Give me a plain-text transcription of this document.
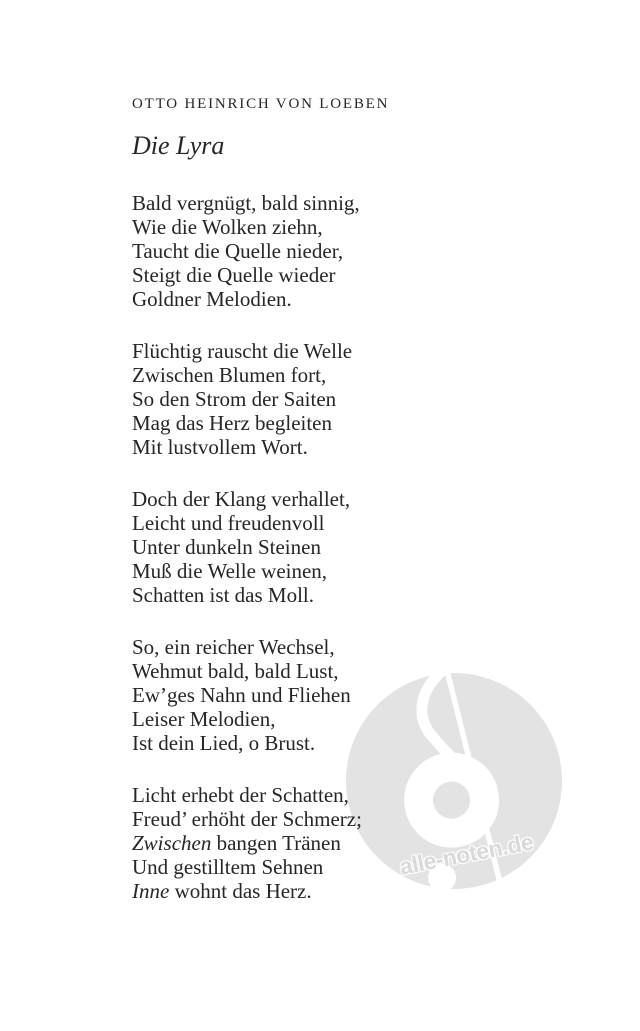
alle-noten.de
OTTO HEINRICH VON LOEBEN
Die Lyra

Bald vergnügt, bald sinnig,
Wie die Wolken ziehn,
Taucht die Quelle nieder,
Steigt die Quelle wieder
Goldner Melodien.

Flüchtig rauscht die Welle
Zwischen Blumen fort,
So den Strom der Saiten
Mag das Herz begleiten
Mit lustvollem Wort.

Doch der Klang verhallet,
Leicht und freudenvoll
Unter dunkeln Steinen
Muß die Welle weinen,
Schatten ist das Moll.

So, ein reicher Wechsel,
Wehmut bald, bald Lust,
Ew’ges Nahn und Fliehen
Leiser Melodien,
Ist dein Lied, o Brust.

Licht erhebt der Schatten,
Freud’ erhöht der Schmerz;
Zwischen bangen Tränen
Und gestilltem Sehnen
Inne wohnt das Herz.
